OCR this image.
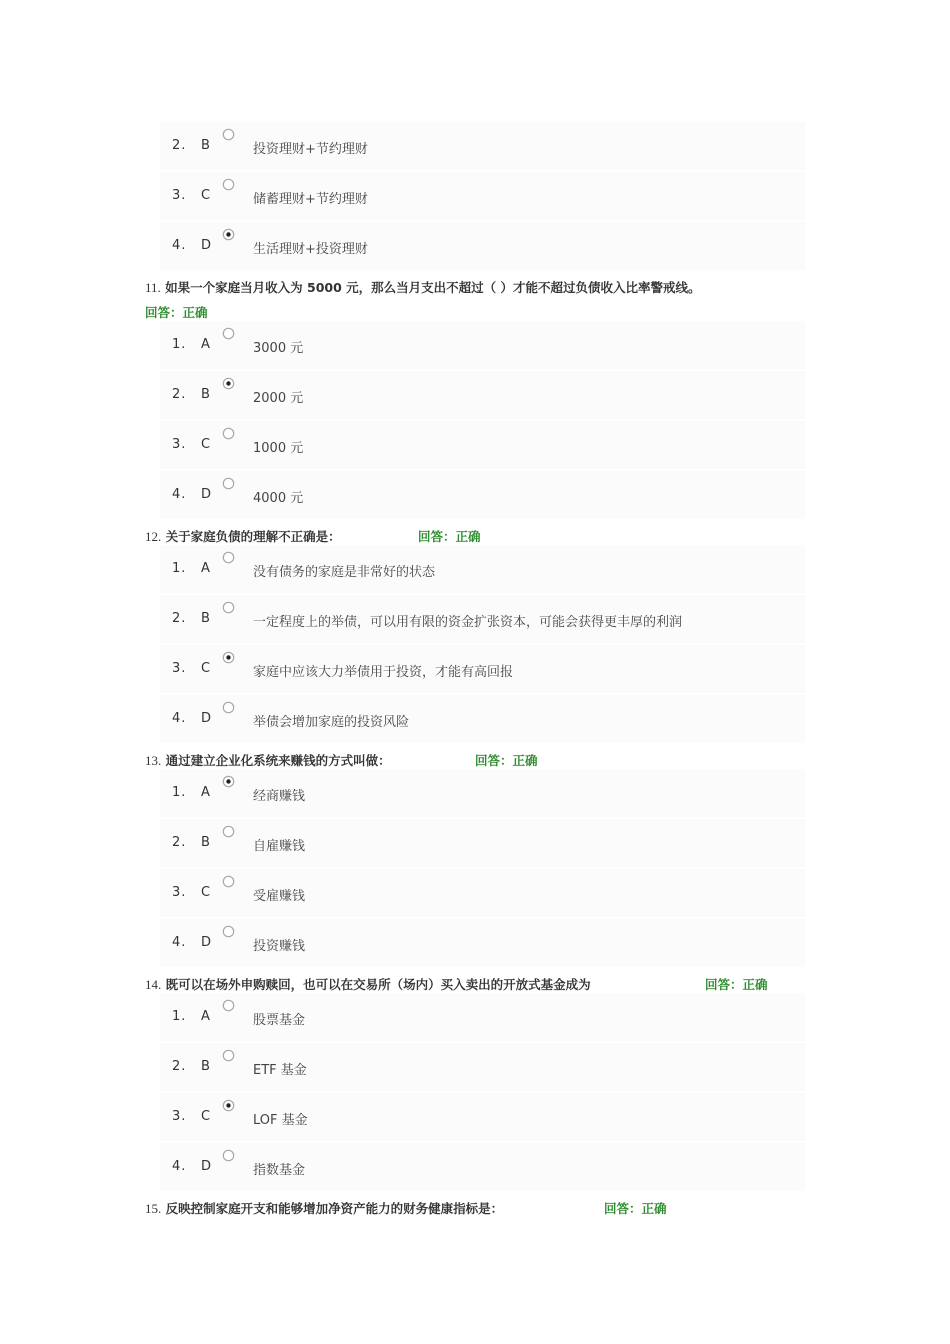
2. B	投资理财+节约理财
3. C	储蓄理财+节约理财
4. D	生活理财+投资理财
11. 如果一个家庭当月收入为 5000 元，那么当月支出不超过（ ）才能不超过负债收入比率警戒线。
回答：正确
1. A	3000 元
2. B	2000 元
3. C	1000 元
4. D	4000 元
12. 关于家庭负债的理解不正确是：	回答：正确
1. A	没有债务的家庭是非常好的状态
2. B	一定程度上的举债，可以用有限的资金扩张资本，可能会获得更丰厚的利润
3. C	家庭中应该大力举债用于投资，才能有高回报
4. D	举债会增加家庭的投资风险
13. 通过建立企业化系统来赚钱的方式叫做：	回答：正确
1. A	经商赚钱
2. B	自雇赚钱
3. C	受雇赚钱
4. D	投资赚钱
14. 既可以在场外申购赎回，也可以在交易所（场内）买入卖出的开放式基金成为	回答：正确
1. A	股票基金
2. B	ETF 基金
3. C	LOF 基金
4. D	指数基金
15. 反映控制家庭开支和能够增加净资产能力的财务健康指标是：	回答：正确
